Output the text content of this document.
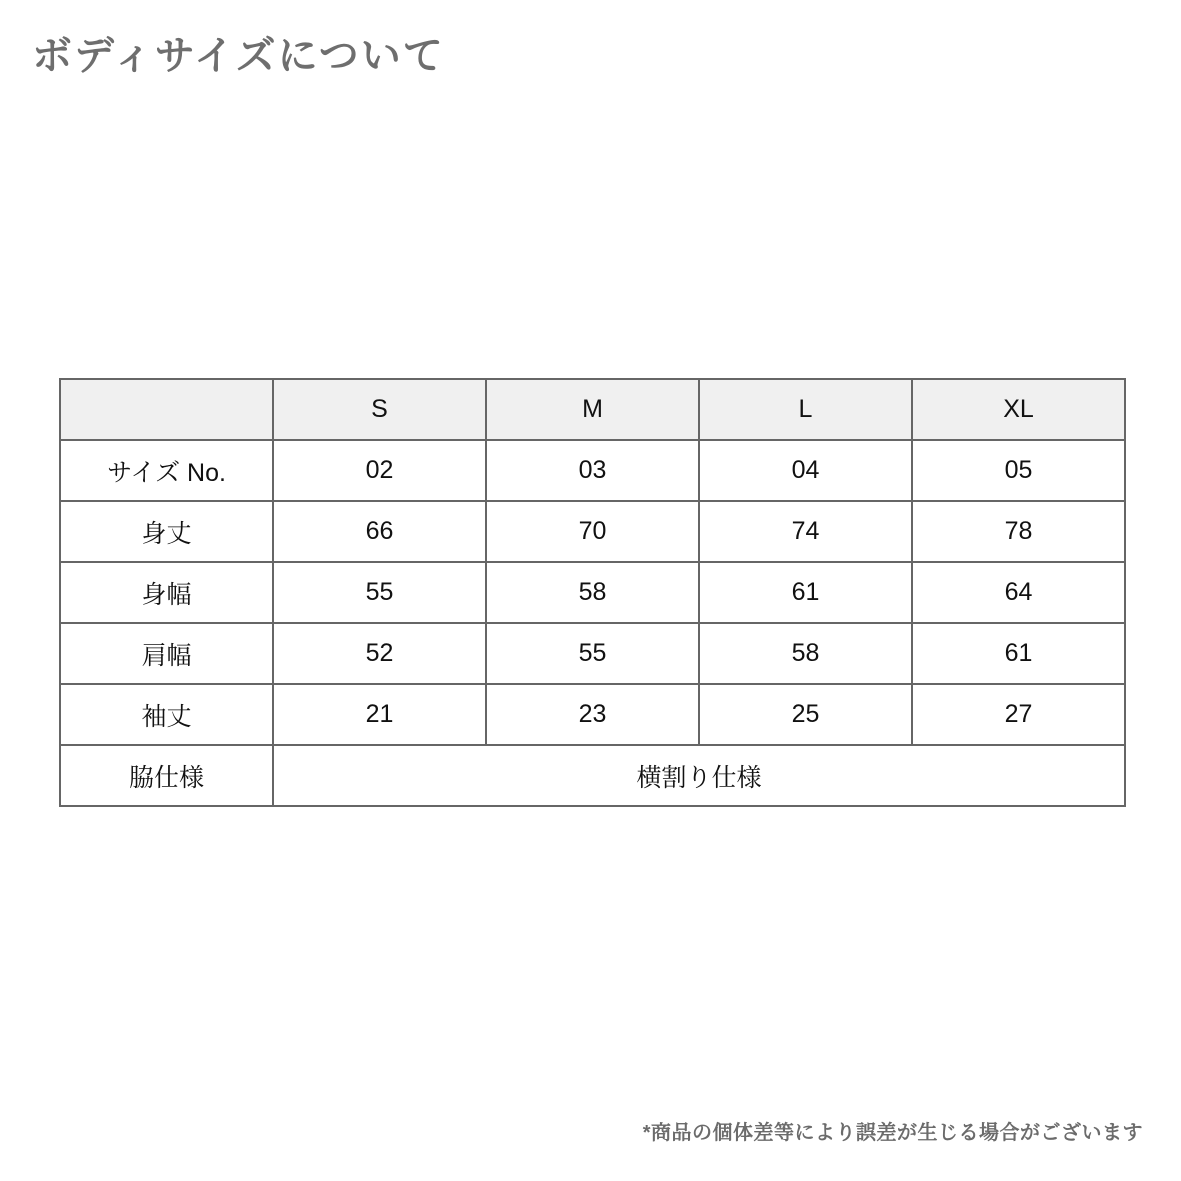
ボディサイズについて
	S	M	L	XL
サイズ No.	02	03	04	05
身丈	66	70	74	78
身幅	55	58	61	64
肩幅	52	55	58	61
袖丈	21	23	25	27
脇仕様	横割り仕様			

*商品の個体差等により誤差が生じる場合がございます
